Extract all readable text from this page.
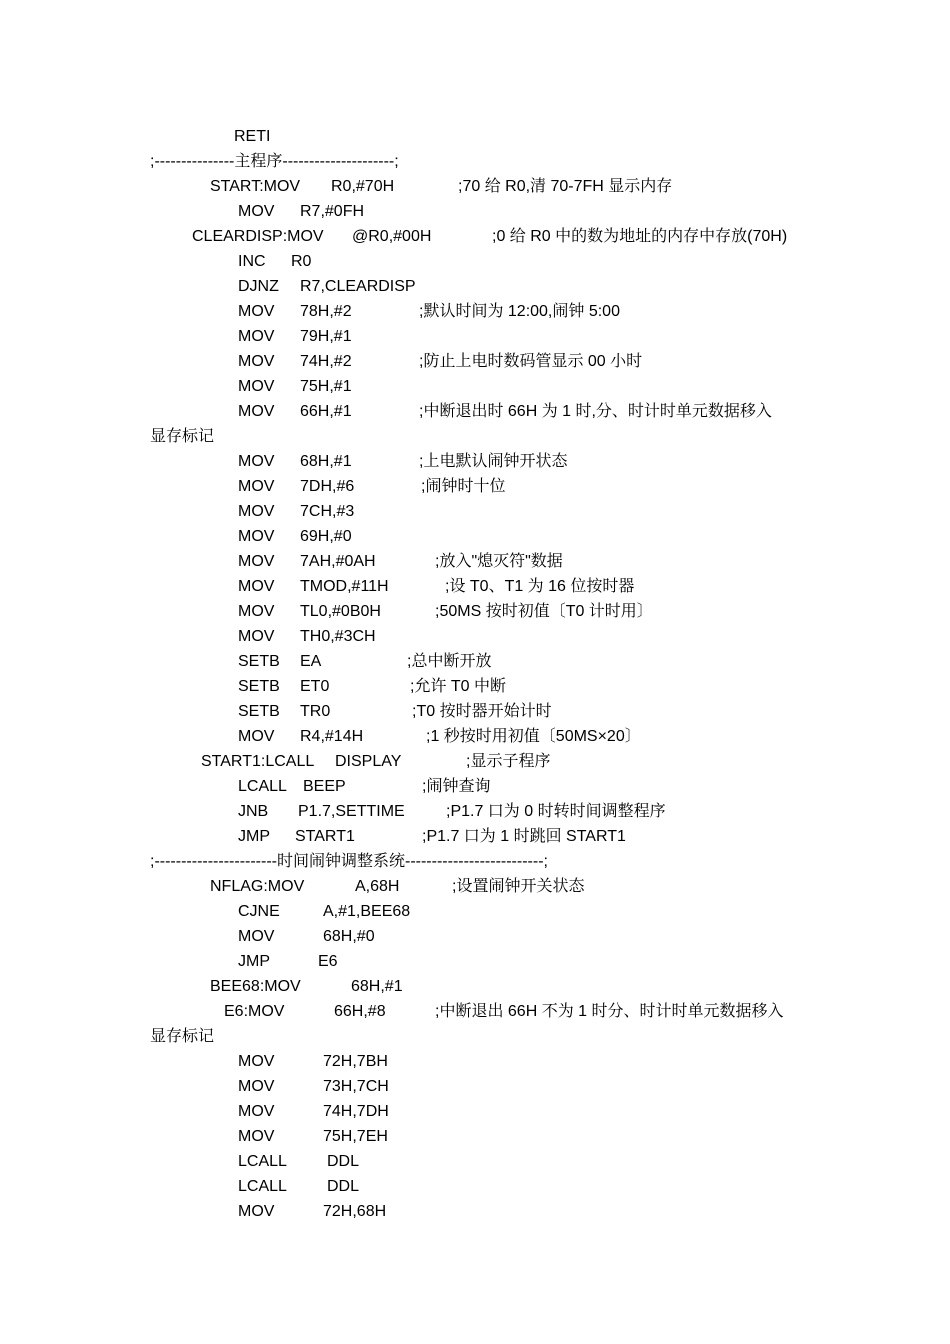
RETI
;---------------主程序---------------------;
START: MOV R0,#70H	;70 给 R0,清 70-7FH 显示内存
MOV R7,#0FH
CLEARDISP: MOV @R0,#00H	;0 给 R0 中的数为地址的内存中存放(70H)
INC R0
DJNZ R7,CLEARDISP
MOV 78H,#2	;默认时间为 12:00,闹钟 5:00
MOV 79H,#1
MOV 74H,#2	;防止上电时数码管显示 00 小时
MOV 75H,#1
MOV 66H,#1	;中断退出时 66H 为 1 时,分、时计时单元数据移入
显存标记
MOV 68H,#1	;上电默认闹钟开状态
MOV 7DH,#6	;闹钟时十位
MOV 7CH,#3
MOV 69H,#0
MOV 7AH,#0AH	;放入"熄灭符"数据
MOV TMOD,#11H	;设 T0、T1 为 16 位按时器
MOV TL0,#0B0H	;50MS 按时初值〔T0 计时用〕
MOV TH0,#3CH
SETB EA	;总中断开放
SETB ET0	;允许 T0 中断
SETB TR0	;T0 按时器开始计时
MOV R4,#14H	;1 秒按时用初值〔50MS×20〕
START1: LCALL DISPLAY	;显示子程序
LCALL BEEP	;闹钟查询
JNB P1.7,SETTIME	;P1.7 口为 0 时转时间调整程序
JMP START1	;P1.7 口为 1 时跳回 START1
;-----------------------时间闹钟调整系统--------------------------;
NFLAG: MOV	A,68H	;设置闹钟开关状态
CJNE	A,#1,BEE68
MOV	68H,#0
JMP	E6
BEE68: MOV	68H,#1
E6: MOV	66H,#8	;中断退出 66H 不为 1 时分、时计时单元数据移入
显存标记
MOV	72H,7BH
MOV	73H,7CH
MOV	74H,7DH
MOV	75H,7EH
LCALL	DDL
LCALL	DDL
MOV	72H,68H
